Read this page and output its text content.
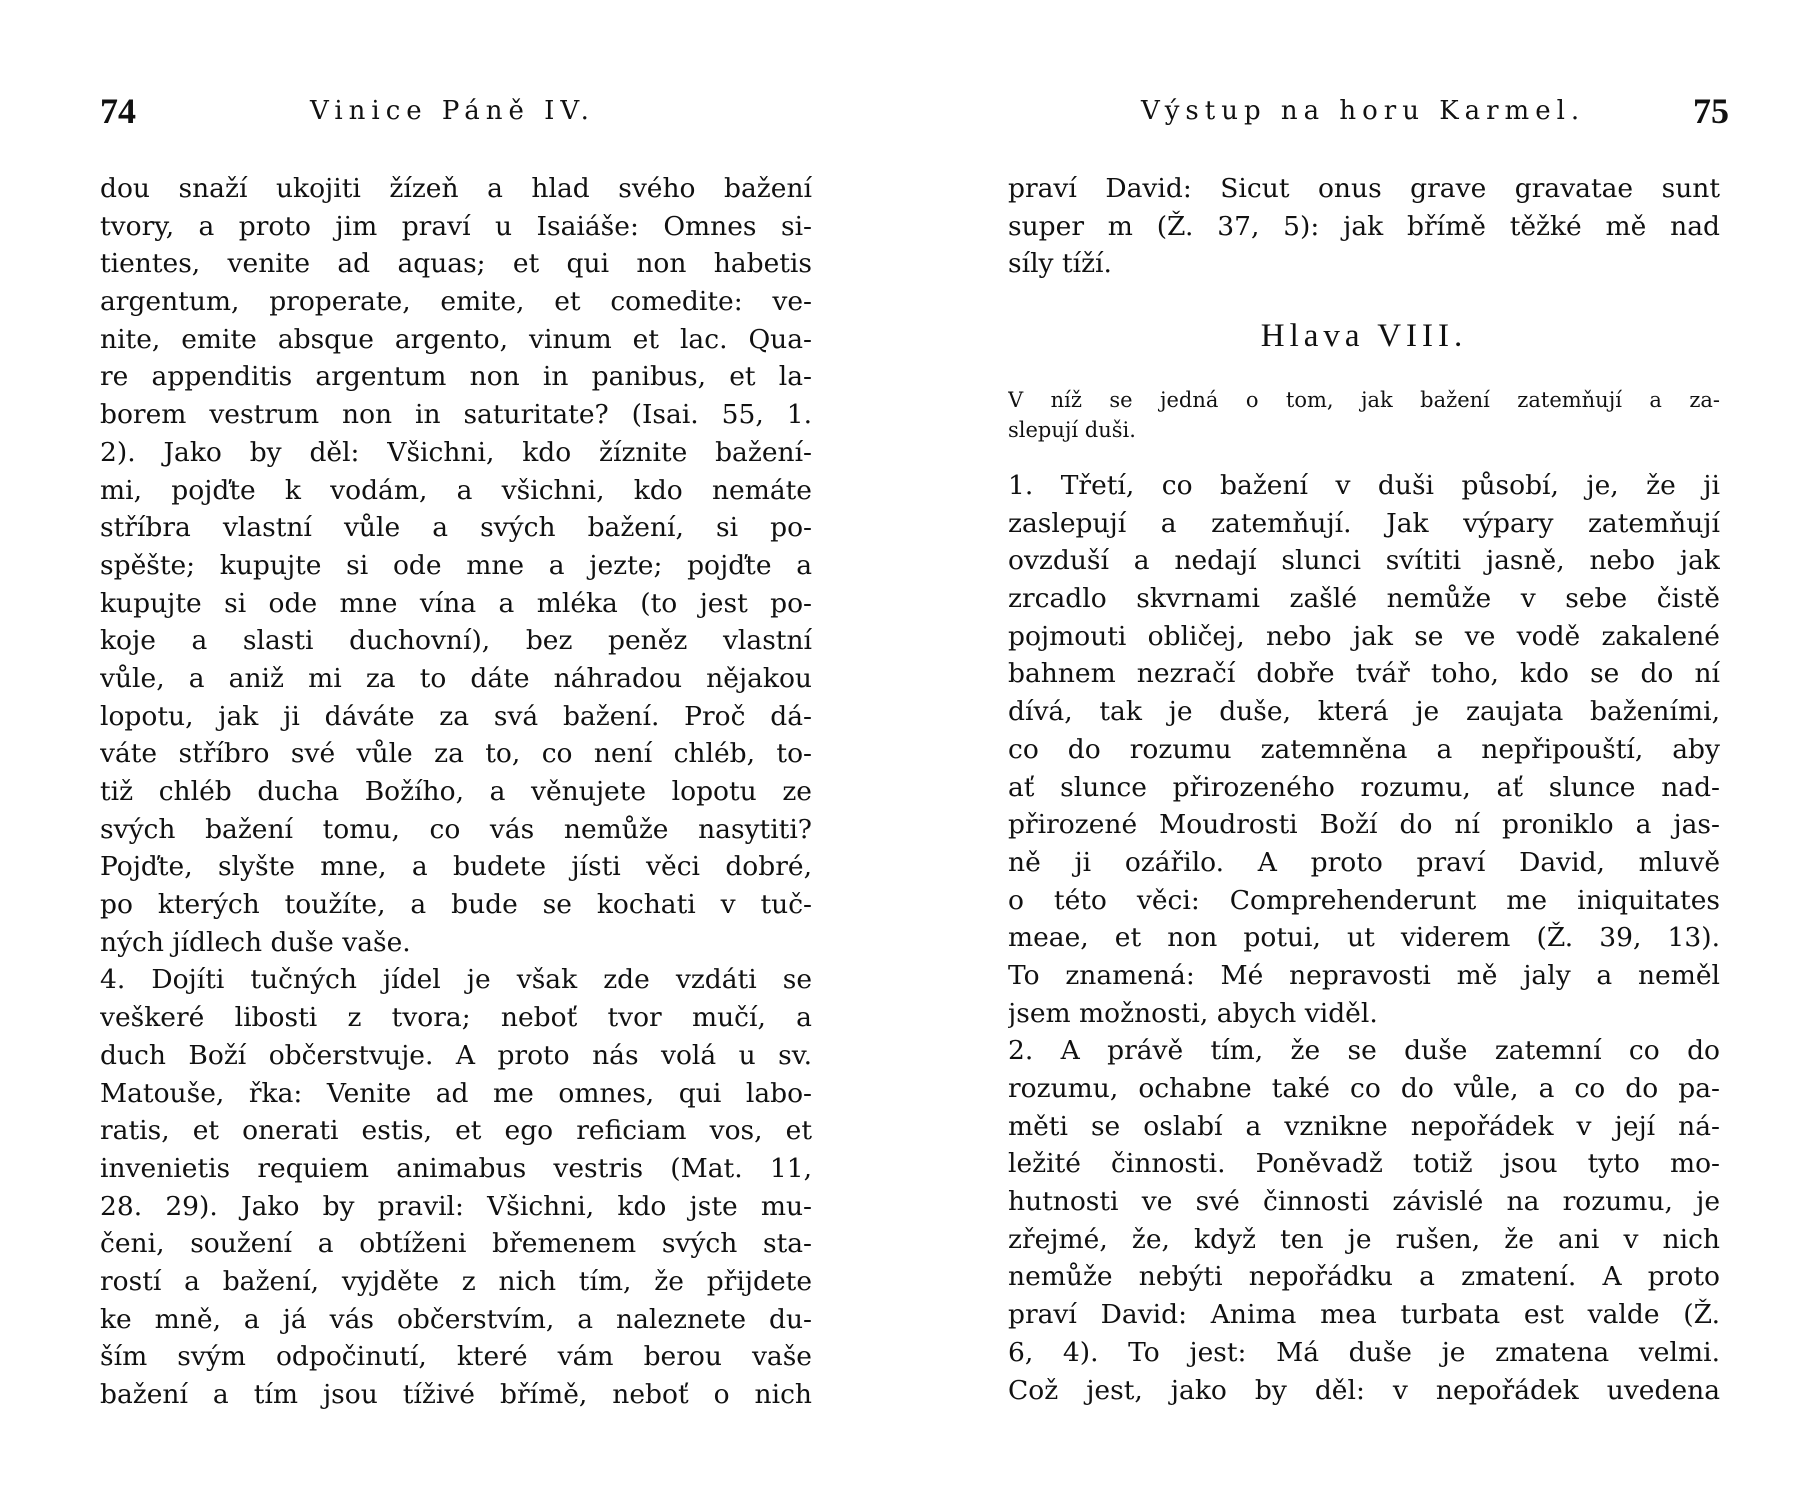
74	Vinice Páně IV.
dou snaží ukojiti žízeň a hlad svého bažení
tvory, a proto jim praví u Isaiáše: Omnes si-
tientes, venite ad aquas; et qui non habetis
argentum, properate, emite, et comedite: ve-
nite, emite absque argento, vinum et lac. Qua-
re appenditis argentum non in panibus, et la-
borem vestrum non in saturitate? (Isai. 55, 1.
2). Jako by děl: Všichni, kdo žíznite bažení-
mi, pojďte k vodám, a všichni, kdo nemáte
stříbra vlastní vůle a svých bažení, si po-
spěšte; kupujte si ode mne a jezte; pojďte a
kupujte si ode mne vína a mléka (to jest po-
koje a slasti duchovní), bez peněz vlastní
vůle, a aniž mi za to dáte náhradou nějakou
lopotu, jak ji dáváte za svá bažení. Proč dá-
váte stříbro své vůle za to, co není chléb, to-
tiž chléb ducha Božího, a věnujete lopotu ze
svých bažení tomu, co vás nemůže nasytiti?
Pojďte, slyšte mne, a budete jísti věci dobré,
po kterých toužíte, a bude se kochati v tuč-
ných jídlech duše vaše.
4. Dojíti tučných jídel je však zde vzdáti se
veškeré libosti z tvora; neboť tvor mučí, a
duch Boží občerstvuje. A proto nás volá u sv.
Matouše, řka: Venite ad me omnes, qui labo-
ratis, et onerati estis, et ego reficiam vos, et
invenietis requiem animabus vestris (Mat. 11,
28. 29). Jako by pravil: Všichni, kdo jste mu-
čeni, soužení a obtíženi břemenem svých sta-
rostí a bažení, vyjděte z nich tím, že přijdete
ke mně, a já vás občerstvím, a naleznete du-
ším svým odpočinutí, které vám berou vaše
bažení a tím jsou tíživé břímě, neboť o nich
75
Výstup na horu Karmel.
praví David: Sicut onus grave gravatae sunt
super m (Ž. 37, 5): jak břímě těžké mě nad
síly tíží.
Hlava VIII.
V níž se jedná o tom, jak bažení zatemňují a za-
slepují duši.
1. Třetí, co bažení v duši působí, je, že ji
zaslepují a zatemňují. Jak výpary zatemňují
ovzduší a nedají slunci svítiti jasně, nebo jak
zrcadlo skvrnami zašlé nemůže v sebe čistě
pojmouti obličej, nebo jak se ve vodě zakalené
bahnem nezračí dobře tvář toho, kdo se do ní
dívá, tak je duše, která je zaujata baženími,
co do rozumu zatemněna a nepřipouští, aby
ať slunce přirozeného rozumu, ať slunce nad-
přirozené Moudrosti Boží do ní proniklo a jas-
ně ji ozářilo. A proto praví David, mluvě
o této věci: Comprehenderunt me iniquitates
meae, et non potui, ut viderem (Ž. 39, 13).
To znamená: Mé nepravosti mě jaly a neměl
jsem možnosti, abych viděl.
2. A právě tím, že se duše zatemní co do
rozumu, ochabne také co do vůle, a co do pa-
měti se oslabí a vznikne nepořádek v její ná-
ležité činnosti. Poněvadž totiž jsou tyto mo-
hutnosti ve své činnosti závislé na rozumu, je
zřejmé, že, když ten je rušen, že ani v nich
nemůže nebýti nepořádku a zmatení. A proto
praví David: Anima mea turbata est valde (Ž.
6, 4). To jest: Má duše je zmatena velmi.
Což jest, jako by děl: v nepořádek uvedena
